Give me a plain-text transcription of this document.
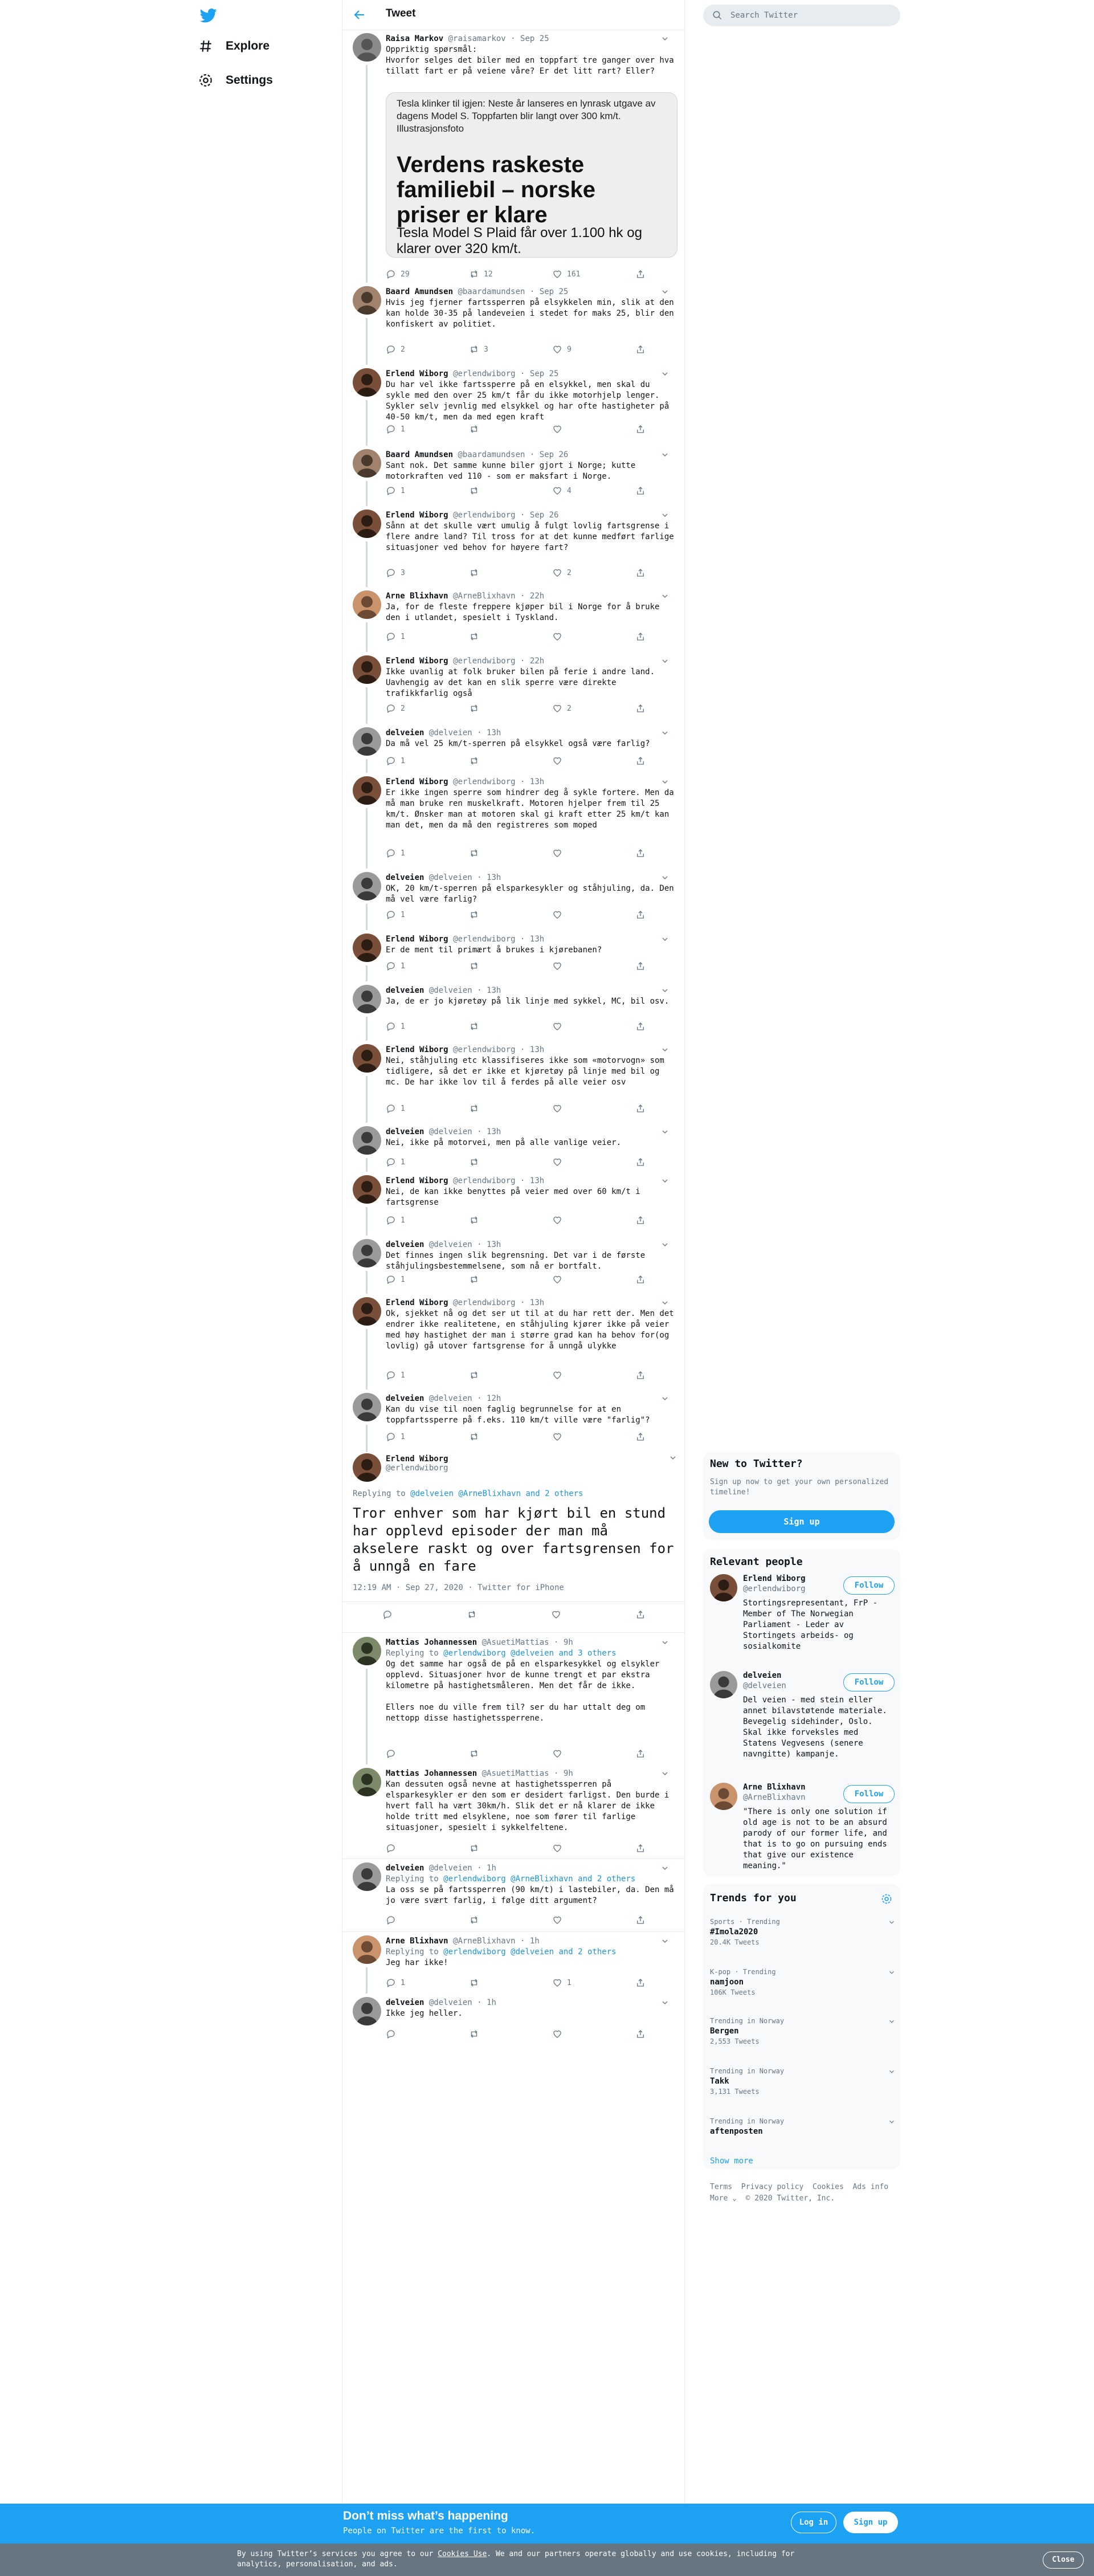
Explore
Settings
Tweet
Raisa Markov @raisamarkov · Sep 25
Oppriktig spørsmål:
Hvorfor selges det biler med en toppfart tre ganger over hva tillatt fart er på veiene våre? Er det litt rart? Eller?
Tesla klinker til igjen: Neste år lanseres en lynrask utgave av dagens Model S. Toppfarten blir langt over 300 km/t. Illustrasjonsfoto
Verdens raskeste familiebil – norske priser er klare
Tesla Model S Plaid får over 1.100 hk og klarer over 320 km/t.
29	12	161
Baard Amundsen @baardamundsen · Sep 25
Hvis jeg fjerner fartssperren på elsykkelen min, slik at den kan holde 30-35 på landeveien i stedet for maks 25, blir den konfiskert av politiet.
2	3	9
Erlend Wiborg @erlendwiborg · Sep 25
Du har vel ikke fartssperre på en elsykkel, men skal du sykle med den over 25 km/t får du ikke motorhjelp lenger. Sykler selv jevnlig med elsykkel og har ofte hastigheter på 40-50 km/t, men da med egen kraft
1
Baard Amundsen @baardamundsen · Sep 26
Sant nok. Det samme kunne biler gjort i Norge; kutte motorkraften ved 110 - som er maksfart i Norge.
1	4
Erlend Wiborg @erlendwiborg · Sep 26
Sånn at det skulle vært umulig å fulgt lovlig fartsgrense i flere andre land? Til tross for at det kunne medført farlige situasjoner ved behov for høyere fart?
3	2
Arne Blixhavn @ArneBlixhavn · 22h
Ja, for de fleste freppere kjøper bil i Norge for å bruke den i utlandet, spesielt i Tyskland.
1
Erlend Wiborg @erlendwiborg · 22h
Ikke uvanlig at folk bruker bilen på ferie i andre land. Uavhengig av det kan en slik sperre være direkte trafikkfarlig også
2	2
delveien @delveien · 13h
Da må vel 25 km/t-sperren på elsykkel også være farlig?
1
Erlend Wiborg @erlendwiborg · 13h
Er ikke ingen sperre som hindrer deg å sykle fortere. Men da må man bruke ren muskelkraft. Motoren hjelper frem til 25 km/t. Ønsker man at motoren skal gi kraft etter 25 km/t kan man det, men da må den registreres som moped
1
delveien @delveien · 13h
OK, 20 km/t-sperren på elsparkesykler og ståhjuling, da. Den må vel være farlig?
1
Erlend Wiborg @erlendwiborg · 13h
Er de ment til primært å brukes i kjørebanen?
1
delveien @delveien · 13h
Ja, de er jo kjøretøy på lik linje med sykkel, MC, bil osv.
1
Erlend Wiborg @erlendwiborg · 13h
Nei, ståhjuling etc klassifiseres ikke som «motorvogn» som tidligere, så det er ikke et kjøretøy på linje med bil og mc. De har ikke lov til å ferdes på alle veier osv
1
delveien @delveien · 13h
Nei, ikke på motorvei, men på alle vanlige veier.
1
Erlend Wiborg @erlendwiborg · 13h
Nei, de kan ikke benyttes på veier med over 60 km/t i fartsgrense
1
delveien @delveien · 13h
Det finnes ingen slik begrensning. Det var i de første ståhjulingsbestemmelsene, som nå er bortfalt.
1
Erlend Wiborg @erlendwiborg · 13h
Ok, sjekket nå og det ser ut til at du har rett der. Men det endrer ikke realitetene, en ståhjuling kjører ikke på veier med høy hastighet der man i større grad kan ha behov for(og lovlig) gå utover fartsgrense for å unngå ulykke
1
delveien @delveien · 12h
Kan du vise til noen faglig begrunnelse for at en toppfartssperre på f.eks. 110 km/t ville være "farlig"?
1
Erlend Wiborg
@erlendwiborg
Replying to @delveien @ArneBlixhavn and 2 others
Tror enhver som har kjørt bil en stund har opplevd episoder der man må akselere raskt og over fartsgrensen for å unngå en fare
12:19 AM · Sep 27, 2020 · Twitter for iPhone
Mattias Johannessen @AsuetiMattias · 9h
Replying to @erlendwiborg @delveien and 3 others
Og det samme har også de på en elsparkesykkel og elsykler opplevd. Situasjoner hvor de kunne trengt et par ekstra kilometre på hastighetsmåleren. Men det får de ikke.

Ellers noe du ville frem til? ser du har uttalt deg om nettopp disse hastighetssperrene.
Mattias Johannessen @AsuetiMattias · 9h
Kan dessuten også nevne at hastighetssperren på elsparkesykler er den som er desidert farligst. Den burde i hvert fall ha vært 30km/h. Slik det er nå klarer de ikke holde tritt med elsyklene, noe som fører til farlige situasjoner, spesielt i sykkelfeltene.
delveien @delveien · 1h
Replying to @erlendwiborg @ArneBlixhavn and 2 others
La oss se på fartssperren (90 km/t) i lastebiler, da. Den må jo være svært farlig, i følge ditt argument?
Arne Blixhavn @ArneBlixhavn · 1h
Replying to @erlendwiborg @delveien and 2 others
Jeg har ikke!
1	1
delveien @delveien · 1h
Ikke jeg heller.
Search Twitter
New to Twitter?
Sign up now to get your own personalized timeline!
Sign up
Relevant people
Erlend Wiborg
@erlendwiborg	Follow
Stortingsrepresentant, FrP - Member of The Norwegian Parliament - Leder av Stortingets arbeids- og sosialkomite
delveien
@delveien	Follow
Del veien - med stein eller annet bilavstøtende materiale. Bevegelig sidehinder, Oslo. Skal ikke forveksles med Statens Vegvesens (senere navngitte) kampanje.
Arne Blixhavn
@ArneBlixhavn	Follow
"There is only one solution if old age is not to be an absurd parody of our former life, and that is to go on pursuing ends that give our existence meaning."
Trends for you
Sports · Trending
#Imola2020
20.4K Tweets
K-pop · Trending
namjoon
106K Tweets
Trending in Norway
Bergen
2,553 Tweets
Trending in Norway
Takk
3,131 Tweets
Trending in Norway
aftenposten
Show more
Terms  Privacy policy  Cookies  Ads info
More ⌄  © 2020 Twitter, Inc.
Don’t miss what’s happening
People on Twitter are the first to know.
Log in	Sign up
By using Twitter’s services you agree to our Cookies Use. We and our partners operate globally and use cookies, including for analytics, personalisation, and ads.
Close
